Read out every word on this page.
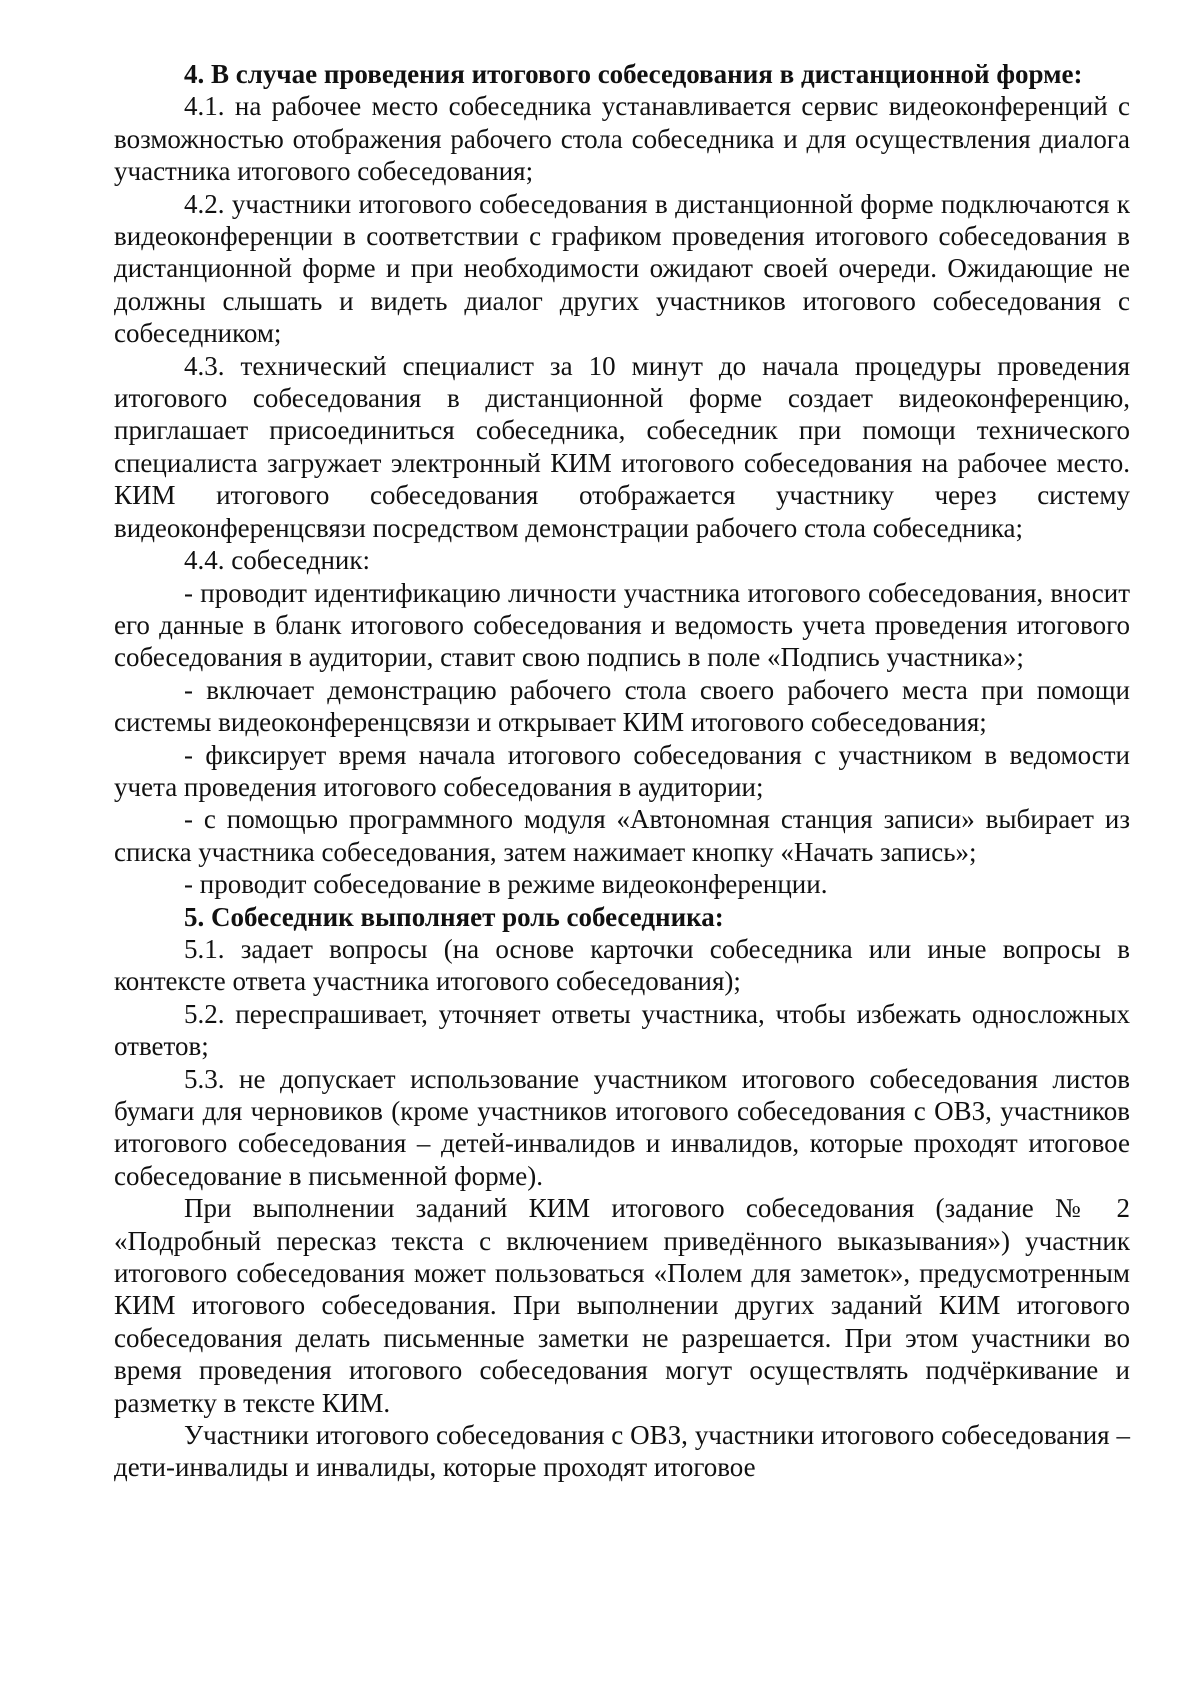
4. В случае проведения итогового собеседования в дистанционной форме:

4.1. на рабочее место собеседника устанавливается сервис видеоконференций с возможностью отображения рабочего стола собеседника и для осуществления диалога участника итогового собеседования;

4.2. участники итогового собеседования в дистанционной форме подключаются к видеоконференции в соответствии с графиком проведения итогового собеседования в дистанционной форме и при необходимости ожидают своей очереди. Ожидающие не должны слышать и видеть диалог других участников итогового собеседования с собеседником;

4.3. технический специалист за 10 минут до начала процедуры проведения итогового собеседования в дистанционной форме создает видеоконференцию, приглашает присоединиться собеседника, собеседник при помощи технического специалиста загружает электронный КИМ итогового собеседования на рабочее место. КИМ итогового собеседования отображается участнику через систему видеоконференцсвязи посредством демонстрации рабочего стола собеседника;

4.4. собеседник:

- проводит идентификацию личности участника итогового собеседования, вносит его данные в бланк итогового собеседования и ведомость учета проведения итогового собеседования в аудитории, ставит свою подпись в поле «Подпись участника»;

- включает демонстрацию рабочего стола своего рабочего места при помощи системы видеоконференцсвязи и открывает КИМ итогового собеседования;

- фиксирует время начала итогового собеседования с участником в ведомости учета проведения итогового собеседования в аудитории;

- с помощью программного модуля «Автономная станция записи» выбирает из списка участника собеседования, затем нажимает кнопку «Начать запись»;

- проводит собеседование в режиме видеоконференции.

5. Собеседник выполняет роль собеседника:

5.1. задает вопросы (на основе карточки собеседника или иные вопросы в контексте ответа участника итогового собеседования);

5.2. переспрашивает, уточняет ответы участника, чтобы избежать односложных ответов;

5.3. не допускает использование участником итогового собеседования листов бумаги для черновиков (кроме участников итогового собеседования с ОВЗ, участников итогового собеседования – детей-инвалидов и инвалидов, которые проходят итоговое собеседование в письменной форме).

При выполнении заданий КИМ итогового собеседования (задание № 2 «Подробный пересказ текста с включением приведённого выказывания») участник итогового собеседования может пользоваться «Полем для заметок», предусмотренным КИМ итогового собеседования. При выполнении других заданий КИМ итогового собеседования делать письменные заметки не разрешается. При этом участники во время проведения итогового собеседования могут осуществлять подчёркивание и разметку в тексте КИМ.

Участники итогового собеседования с ОВЗ, участники итогового собеседования – дети-инвалиды и инвалиды, которые проходят итоговое
